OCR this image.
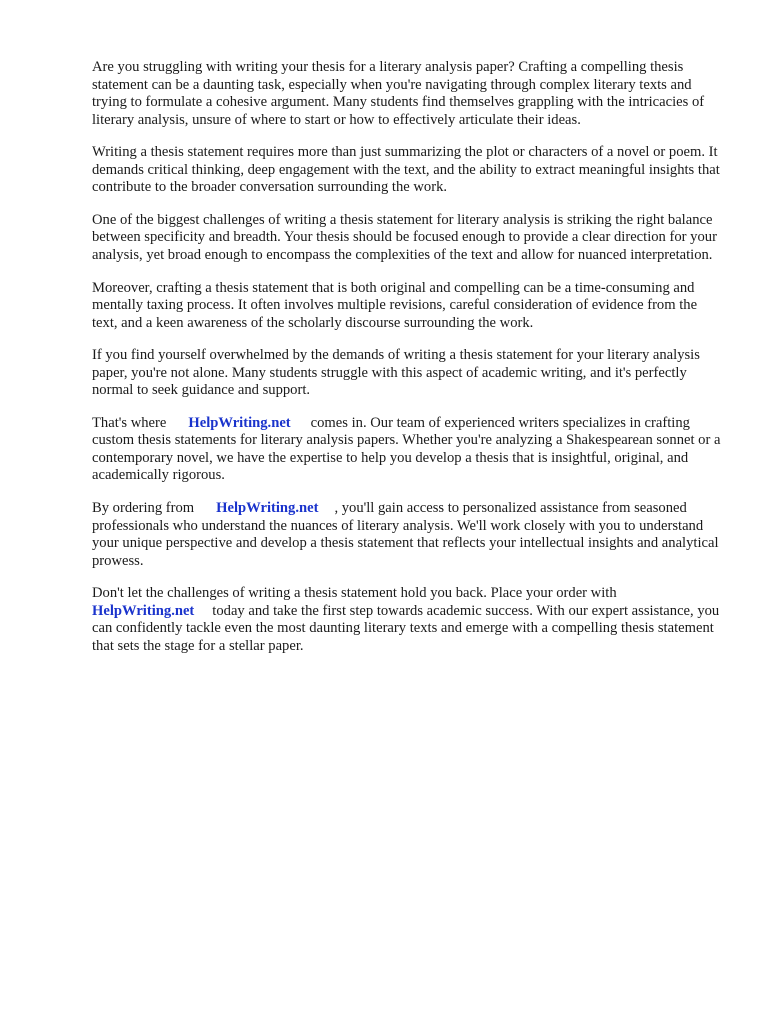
Are you struggling with writing your thesis for a literary analysis paper? Crafting a compelling thesis statement can be a daunting task, especially when you're navigating through complex literary texts and trying to formulate a cohesive argument. Many students find themselves grappling with the intricacies of literary analysis, unsure of where to start or how to effectively articulate their ideas.

Writing a thesis statement requires more than just summarizing the plot or characters of a novel or poem. It demands critical thinking, deep engagement with the text, and the ability to extract meaningful insights that contribute to the broader conversation surrounding the work.

One of the biggest challenges of writing a thesis statement for literary analysis is striking the right balance between specificity and breadth. Your thesis should be focused enough to provide a clear direction for your analysis, yet broad enough to encompass the complexities of the text and allow for nuanced interpretation.

Moreover, crafting a thesis statement that is both original and compelling can be a time-consuming and mentally taxing process. It often involves multiple revisions, careful consideration of evidence from the text, and a keen awareness of the scholarly discourse surrounding the work.

If you find yourself overwhelmed by the demands of writing a thesis statement for your literary analysis paper, you're not alone. Many students struggle with this aspect of academic writing, and it's perfectly normal to seek guidance and support.

That's where HelpWriting.net comes in. Our team of experienced writers specializes in crafting custom thesis statements for literary analysis papers. Whether you're analyzing a Shakespearean sonnet or a contemporary novel, we have the expertise to help you develop a thesis that is insightful, original, and academically rigorous.

By ordering from HelpWriting.net , you'll gain access to personalized assistance from seasoned professionals who understand the nuances of literary analysis. We'll work closely with you to understand your unique perspective and develop a thesis statement that reflects your intellectual insights and analytical prowess.

Don't let the challenges of writing a thesis statement hold you back. Place your order with HelpWriting.net today and take the first step towards academic success. With our expert assistance, you can confidently tackle even the most daunting literary texts and emerge with a compelling thesis statement that sets the stage for a stellar paper.
